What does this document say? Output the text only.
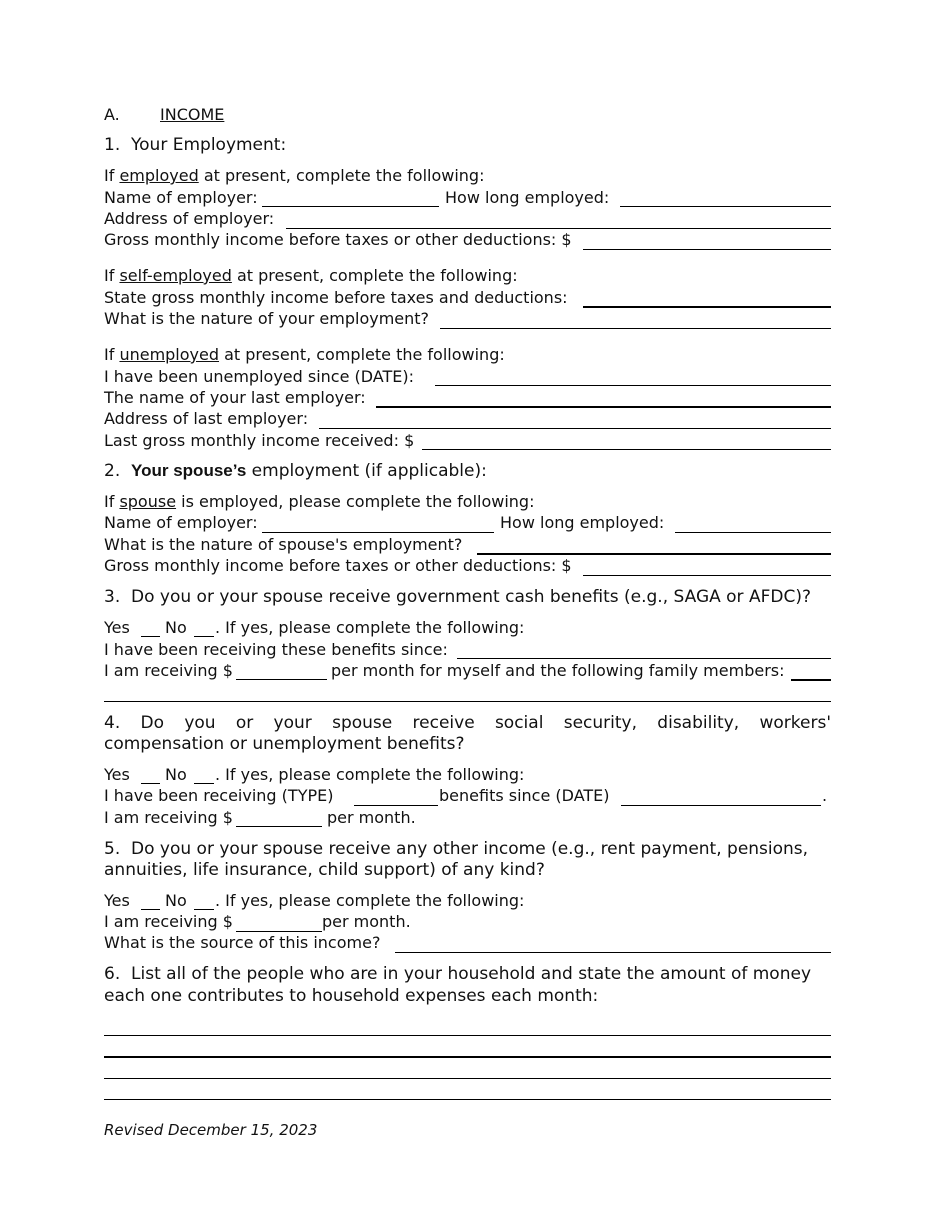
A.	INCOME
1.  Your Employment:
If employed at present, complete the following:
Name of employer:	How long employed:
Address of employer:
Gross monthly income before taxes or other deductions: $
If self-employed at present, complete the following:
State gross monthly income before taxes and deductions:
What is the nature of your employment?
If unemployed at present, complete the following:
I have been unemployed since (DATE):
The name of your last employer:
Address of last employer:
Last gross monthly income received: $
2.  Your spouse’s employment (if applicable):
If spouse is employed, please complete the following:
Name of employer:	How long employed:
What is the nature of spouse's employment?
Gross monthly income before taxes or other deductions: $
3.  Do you or your spouse receive government cash benefits (e.g., SAGA or AFDC)?
Yes No . If yes, please complete the following:
I have been receiving these benefits since:
I am receiving $	per month for myself and the following family members:
4. Do you or your spouse receive social security, disability, workers'
compensation or unemployment benefits?
Yes No . If yes, please complete the following:
I have been receiving (TYPE)	benefits since (DATE)	.
I am receiving $	per month.
5.  Do you or your spouse receive any other income (e.g., rent payment, pensions,
annuities, life insurance, child support) of any kind?
Yes No . If yes, please complete the following:
I am receiving $	per month.
What is the source of this income?
6.  List all of the people who are in your household and state the amount of money
each one contributes to household expenses each month:
Revised December 15, 2023
